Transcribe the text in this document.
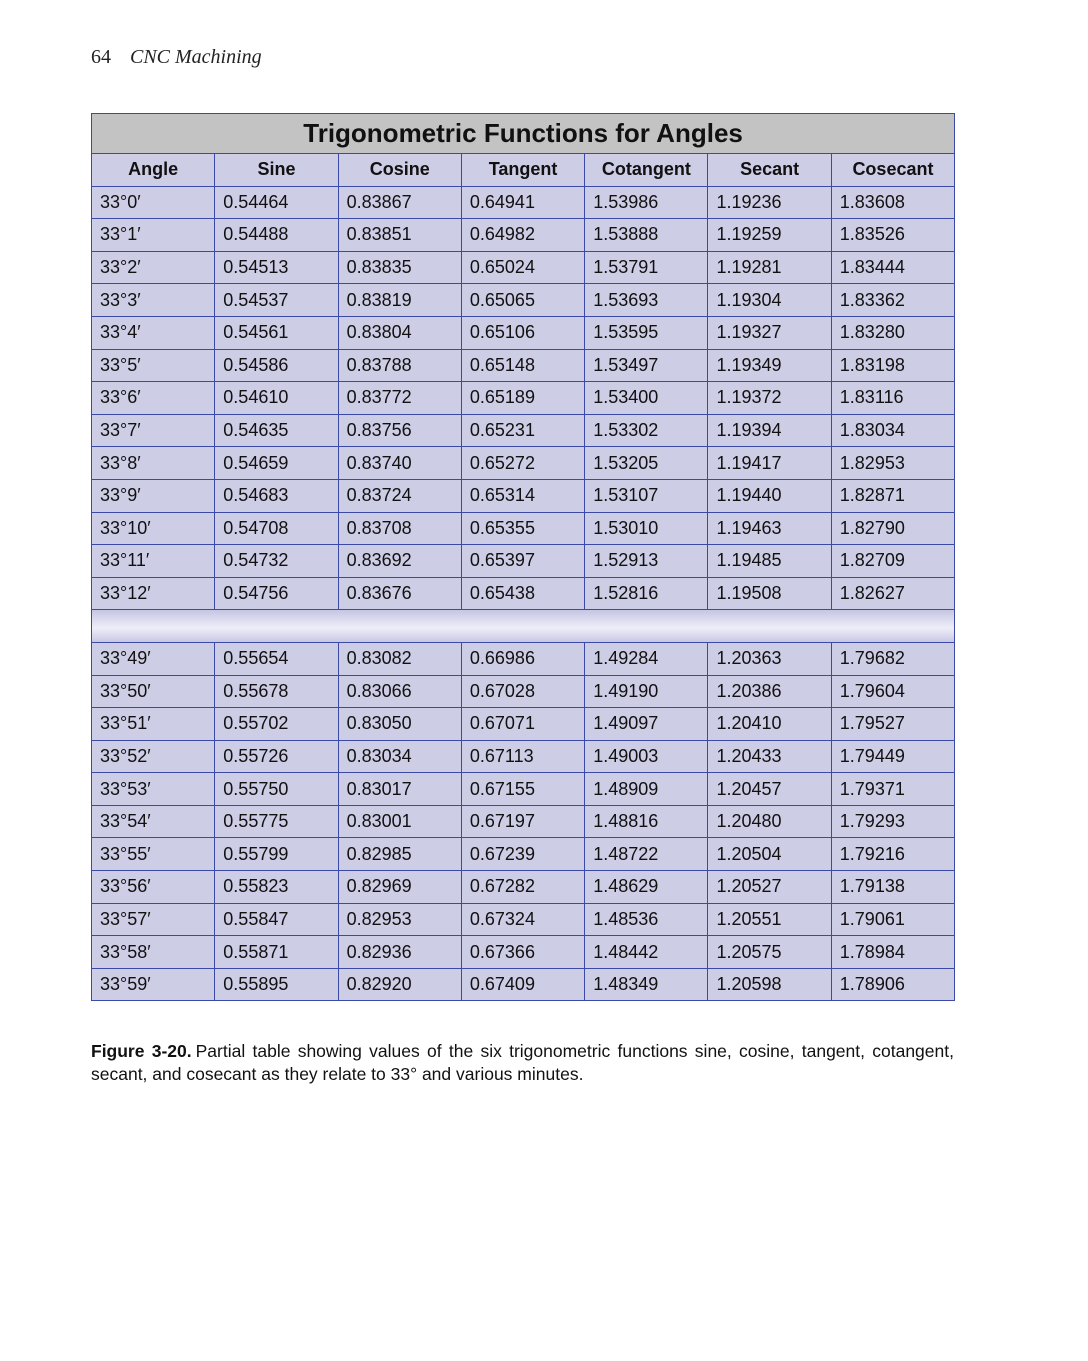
64 CNC Machining
Trigonometric Functions for Angles						
Angle	Sine	Cosine	Tangent	Cotangent	Secant	Cosecant
33°0′	0.54464	0.83867	0.64941	1.53986	1.19236	1.83608
33°1′	0.54488	0.83851	0.64982	1.53888	1.19259	1.83526
33°2′	0.54513	0.83835	0.65024	1.53791	1.19281	1.83444
33°3′	0.54537	0.83819	0.65065	1.53693	1.19304	1.83362
33°4′	0.54561	0.83804	0.65106	1.53595	1.19327	1.83280
33°5′	0.54586	0.83788	0.65148	1.53497	1.19349	1.83198
33°6′	0.54610	0.83772	0.65189	1.53400	1.19372	1.83116
33°7′	0.54635	0.83756	0.65231	1.53302	1.19394	1.83034
33°8′	0.54659	0.83740	0.65272	1.53205	1.19417	1.82953
33°9′	0.54683	0.83724	0.65314	1.53107	1.19440	1.82871
33°10′	0.54708	0.83708	0.65355	1.53010	1.19463	1.82790
33°11′	0.54732	0.83692	0.65397	1.52913	1.19485	1.82709
33°12′	0.54756	0.83676	0.65438	1.52816	1.19508	1.82627

33°49′	0.55654	0.83082	0.66986	1.49284	1.20363	1.79682
33°50′	0.55678	0.83066	0.67028	1.49190	1.20386	1.79604
33°51′	0.55702	0.83050	0.67071	1.49097	1.20410	1.79527
33°52′	0.55726	0.83034	0.67113	1.49003	1.20433	1.79449
33°53′	0.55750	0.83017	0.67155	1.48909	1.20457	1.79371
33°54′	0.55775	0.83001	0.67197	1.48816	1.20480	1.79293
33°55′	0.55799	0.82985	0.67239	1.48722	1.20504	1.79216
33°56′	0.55823	0.82969	0.67282	1.48629	1.20527	1.79138
33°57′	0.55847	0.82953	0.67324	1.48536	1.20551	1.79061
33°58′	0.55871	0.82936	0.67366	1.48442	1.20575	1.78984
33°59′	0.55895	0.82920	0.67409	1.48349	1.20598	1.78906
Figure 3-20. Partial table showing values of the six trigonometric functions sine, cosine, tangent, cotangent, secant, and cosecant as they relate to 33° and various minutes.
